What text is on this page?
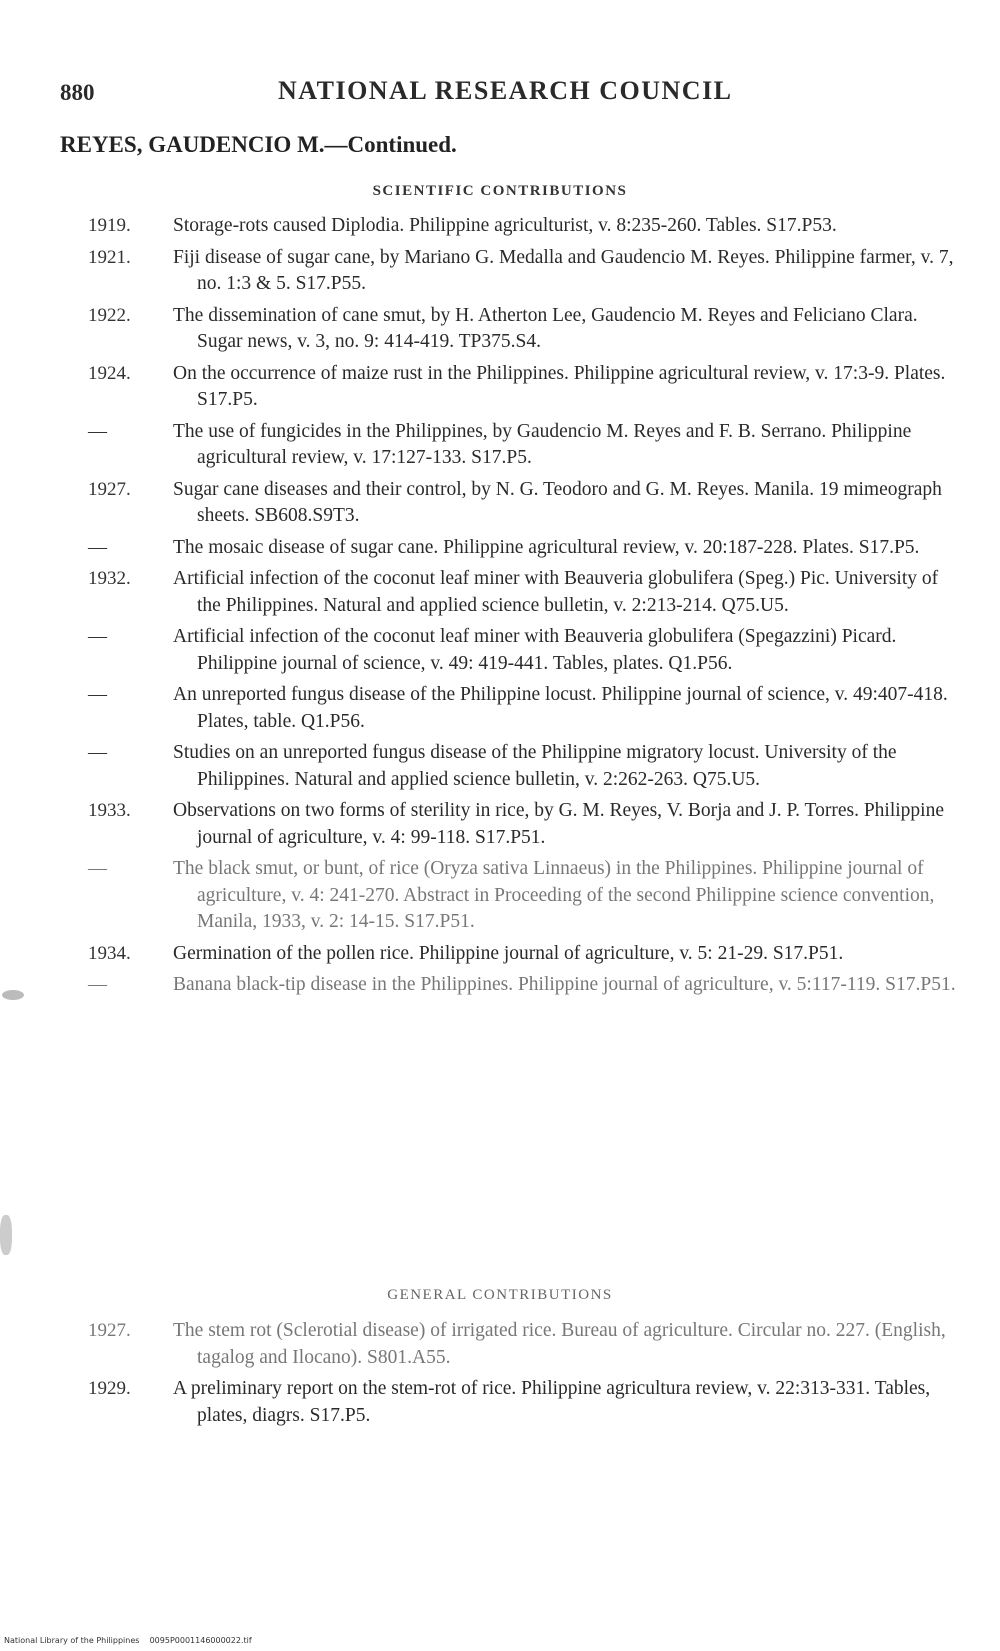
880	NATIONAL RESEARCH COUNCIL
REYES, GAUDENCIO M.—Continued.
SCIENTIFIC CONTRIBUTIONS
1919.	Storage-rots caused Diplodia. Philippine agriculturist, v. 8:235-260. Tables. S17.P53.
1921.	Fiji disease of sugar cane, by Mariano G. Medalla and Gaudencio M. Reyes. Philippine farmer, v. 7, no. 1:3 & 5. S17.P55.
1922.	The dissemination of cane smut, by H. Atherton Lee, Gaudencio M. Reyes and Feliciano Clara. Sugar news, v. 3, no. 9: 414-419. TP375.S4.
1924.	On the occurrence of maize rust in the Philippines. Philippine agricultural review, v. 17:3-9. Plates. S17.P5.
—	The use of fungicides in the Philippines, by Gaudencio M. Reyes and F. B. Serrano. Philippine agricultural review, v. 17:127-133. S17.P5.
1927.	Sugar cane diseases and their control, by N. G. Teodoro and G. M. Reyes. Manila. 19 mimeograph sheets. SB608.S9T3.
—	The mosaic disease of sugar cane. Philippine agricultural review, v. 20:187-228. Plates. S17.P5.
1932.	Artificial infection of the coconut leaf miner with Beauveria globulifera (Speg.) Pic. University of the Philippines. Natural and applied science bulletin, v. 2:213-214. Q75.U5.
—	Artificial infection of the coconut leaf miner with Beauveria globulifera (Spegazzini) Picard. Philippine journal of science, v. 49: 419-441. Tables, plates. Q1.P56.
—	An unreported fungus disease of the Philippine locust. Philippine journal of science, v. 49:407-418. Plates, table. Q1.P56.
—	Studies on an unreported fungus disease of the Philippine migratory locust. University of the Philippines. Natural and applied science bulletin, v. 2:262-263. Q75.U5.
1933.	Observations on two forms of sterility in rice, by G. M. Reyes, V. Borja and J. P. Torres. Philippine journal of agriculture, v. 4: 99-118. S17.P51.
—	The black smut, or bunt, of rice (Oryza sativa Linnaeus) in the Philippines. Philippine journal of agriculture, v. 4: 241-270. Abstract in Proceeding of the second Philippine science convention, Manila, 1933, v. 2: 14-15. S17.P51.
1934.	Germination of the pollen rice. Philippine journal of agriculture, v. 5: 21-29. S17.P51.
—	Banana black-tip disease in the Philippines. Philippine journal of agriculture, v. 5:117-119. S17.P51.
GENERAL CONTRIBUTIONS
1927.	The stem rot (Sclerotial disease) of irrigated rice. Bureau of agriculture. Circular no. 227. (English, tagalog and Ilocano). S801.A55.
1929.	A preliminary report on the stem-rot of rice. Philippine agricultura review, v. 22:313-331. Tables, plates, diagrs. S17.P5.
National Library of the Philippines 0095P0001146000022.tif
